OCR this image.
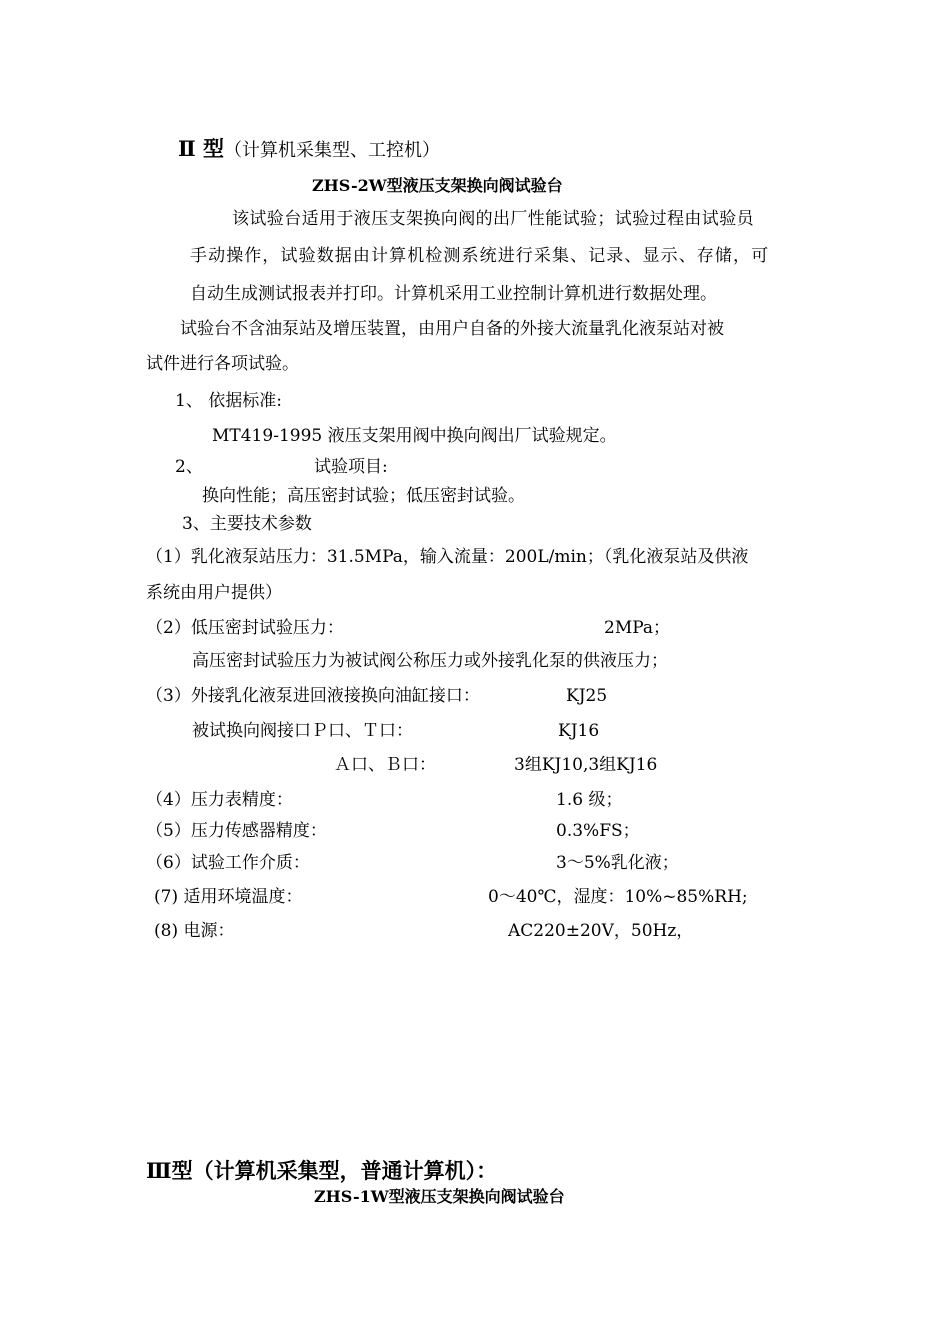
Ⅱ 型（计算机采集型、工控机）
ZHS-2W型液压支架换向阀试验台
该试验台适用于液压支架换向阀的出厂性能试验；试验过程由试验员
手动操作，试验数据由计算机检测系统进行采集、记录、显示、存储，可
自动生成测试报表并打印。计算机采用工业控制计算机进行数据处理。
试验台不含油泵站及增压装置，由用户自备的外接大流量乳化液泵站对被
试件进行各项试验。
1、 依据标准:
MT419-1995 液压支架用阀中换向阀出厂试验规定。
2、	试验项目:
换向性能；高压密封试验；低压密封试验。
3、主要技术参数
（1）乳化液泵站压力：31.5MPa，输入流量：200L/min；（乳化液泵站及供液
系统由用户提供）
（2）低压密封试验压力：	2MPa；
高压密封试验压力为被试阀公称压力或外接乳化泵的供液压力；
（3）外接乳化液泵进回液接换向油缸接口：	KJ25
被试换向阀接口Ｐ口、Ｔ口：	KJ16
Ａ口、Ｂ口：	3组KJ10,3组KJ16
（4）压力表精度：	1.6 级；
（5）压力传感器精度：	0.3%FS；
（6）试验工作介质：	3～5%乳化液；
(7) 适用环境温度：	0～40℃，湿度：10%~85%RH;
(8) 电源：	AC220±20V，50Hz，
Ⅲ型（计算机采集型，普通计算机）：
ZHS-1W型液压支架换向阀试验台
